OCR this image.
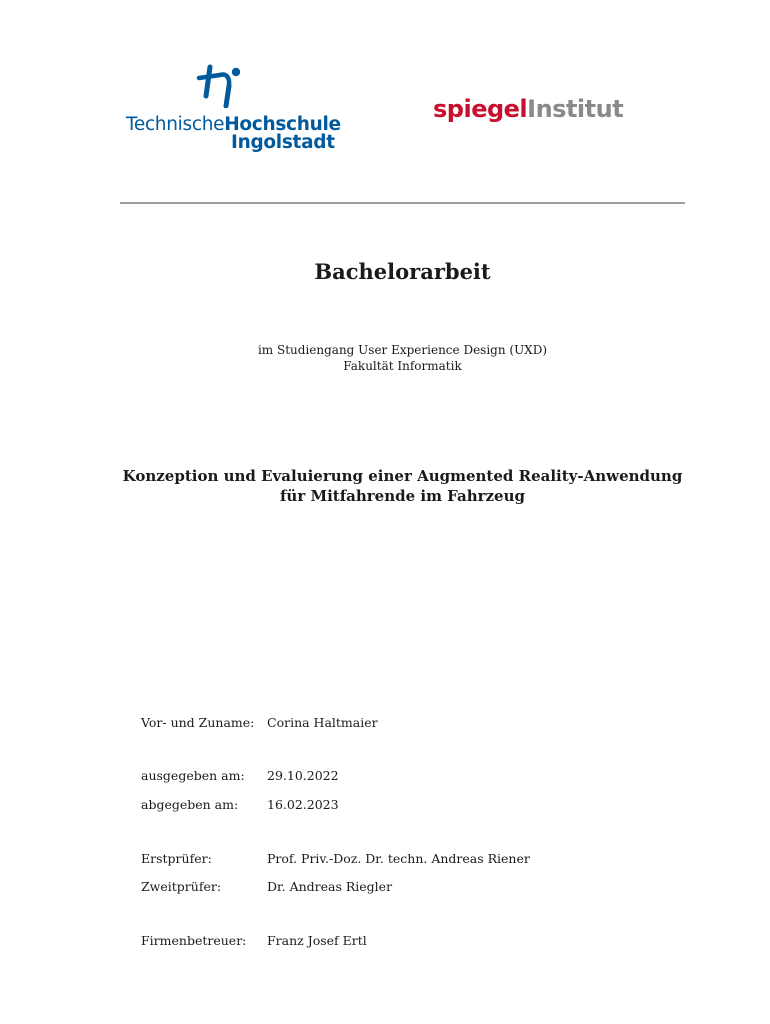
TechnischeHochschule
Ingolstadt
spiegelInstitut
Bachelorarbeit
im Studiengang User Experience Design (UXD)
Fakultät Informatik
Konzeption und Evaluierung einer Augmented Reality-Anwendung
für Mitfahrende im Fahrzeug
Vor- und Zuname: Corina Haltmaier
ausgegeben am: 29.10.2022
abgegeben am: 16.02.2023
Erstprüfer:	Prof. Priv.-Doz. Dr. techn. Andreas Riener
Zweitprüfer:	Dr. Andreas Riegler
Firmenbetreuer: Franz Josef Ertl
